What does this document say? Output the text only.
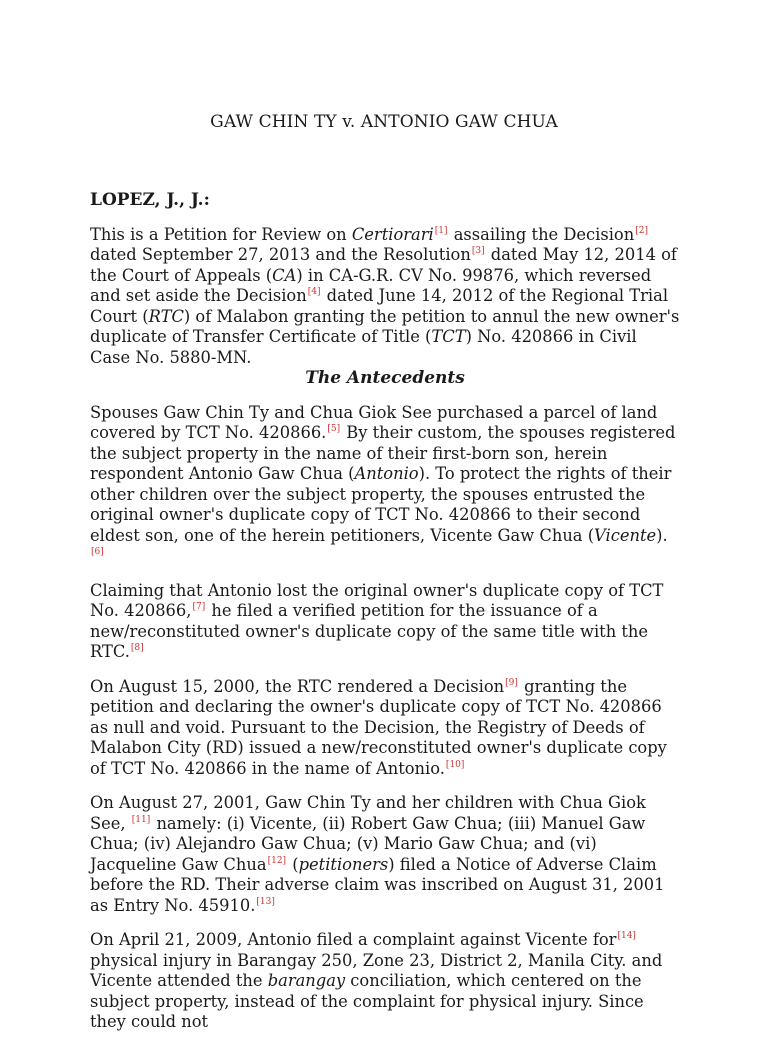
GAW CHIN TY v. ANTONIO GAW CHUA

LOPEZ, J., J.:

This is a Petition for Review on Certiorari [ $^1$ ] assailing the Decision [ $^2$ ] dated September 27, 2013 and the Resolution [ $^3$ ] dated May 12, 2014 of the Court of Appeals (CA) in CA-G.R. CV No. 99876, which reversed and set aside the Decision [ $^4$ ] dated June 14, 2012 of the Regional Trial Court (RTC) of Malabon granting the petition to annul the new owner's duplicate of Transfer Certificate of Title (TCT) No. 420866 in Civil Case No. 5880-MN.

The Antecedents

Spouses Gaw Chin Ty and Chua Giok See purchased a parcel of land covered by TCT No. 420866. [ $^5$ ] By their custom, the spouses registered the subject property in the name of their first-born son, herein respondent Antonio Gaw Chua (Antonio). To protect the rights of their other children over the subject property, the spouses entrusted the original owner's duplicate copy of TCT No. 420866 to their second eldest son, one of the herein petitioners, Vicente Gaw Chua (Vicente). [ $^6$ ]

Claiming that Antonio lost the original owner's duplicate copy of TCT No. 420866, [ $^7$ ] he filed a verified petition for the issuance of a new/reconstituted owner's duplicate copy of the same title with the RTC. [ $^8$ ]

On August 15, 2000, the RTC rendered a Decision [ $^9$ ] granting the petition and declaring the owner's duplicate copy of TCT No. 420866 as null and void. Pursuant to the Decision, the Registry of Deeds of Malabon City (RD) issued a new/reconstituted owner's duplicate copy of TCT No. 420866 in the name of Antonio. [ $^{10}$ ]

On August 27, 2001, Gaw Chin Ty and her children with Chua Giok See, [ $^{11}$ ] namely: (i) Vicente, (ii) Robert Gaw Chua; (iii) Manuel Gaw Chua; (iv) Alejandro Gaw Chua; (v) Mario Gaw Chua; and (vi) Jacqueline Gaw Chua [ $^{12}$ ] (petitioners) filed a Notice of Adverse Claim before the RD. Their adverse claim was inscribed on August 31, 2001 as Entry No. 45910. [ $^{13}$ ]

On April 21, 2009, Antonio filed a complaint against Vicente for [ $^{14}$ ] physical injury in Barangay 250, Zone 23, District 2, Manila City. and Vicente attended the barangay conciliation, which centered on the subject property, instead of the complaint for physical injury. Since they could not
